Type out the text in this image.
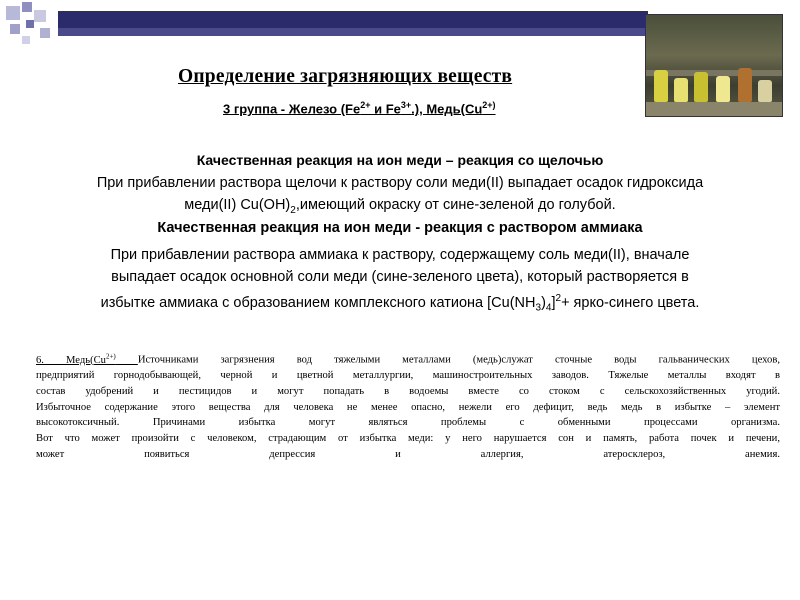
Определение загрязняющих веществ
3 группа - Железо ($Fe^{2+}$ и $Fe^{3+}$.), $Медь(Cu^{2+)}$
Качественная реакция на ион меди – реакция со щелочью
При прибавлении раствора щелочи к раствору соли меди(II) выпадает осадок гидроксида
меди(II) $Cu(OH)_2,имеющий$ окраску от сине-зеленой до голубой.
Качественная реакция на ион меди - реакция с раствором аммиака
При прибавлении раствора аммиака к раствору, содержащему соль меди(II), вначале
выпадает осадок основной соли меди (сине-зеленого цвета), который растворяется в
избытке аммиака с образованием комплексного катиона $[Cu(NH_3)_4]^2+$ ярко-синего цвета.
6. $Медь(Cu^{2+)}$ Источниками загрязнения вод тяжелыми металлами (медь)служат сточные воды гальванических цехов,
предприятий горнодобывающей, черной и цветной металлургии, машиностроительных заводов. Тяжелые металлы входят в
состав удобрений и пестицидов и могут попадать в водоемы вместе со стоком с сельскохозяйственных угодий.
Избыточное содержание этого вещества для человека не менее опасно, нежели его дефицит, ведь медь в избытке – элемент
высокотоксичный. Причинами избытка могут являться проблемы с обменными процессами организма.
Вот что может произойти с человеком, страдающим от избытка меди: у него нарушается сон и память, работа почек и печени,
может появиться депрессия и аллергия, атеросклероз, анемия.
